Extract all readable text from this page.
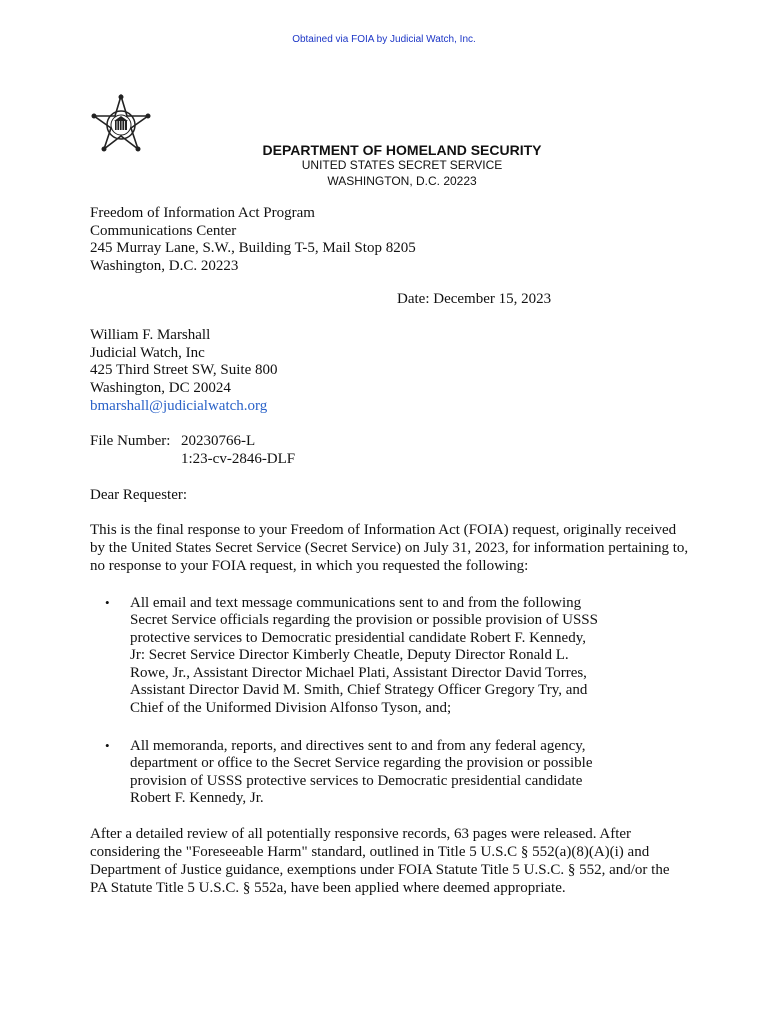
Obtained via FOIA by Judicial Watch, Inc.
DEPARTMENT OF HOMELAND SECURITY
UNITED STATES SECRET SERVICE
WASHINGTON, D.C. 20223
Freedom of Information Act Program
Communications Center
245 Murray Lane, S.W., Building T-5, Mail Stop 8205
Washington, D.C. 20223
Date: December 15, 2023
William F. Marshall
Judicial Watch, Inc
425 Third Street SW, Suite 800
Washington, DC 20024
bmarshall@judicialwatch.org
File Number: 20230766-L
1:23-cv-2846-DLF
Dear Requester:
This is the final response to your Freedom of Information Act (FOIA) request, originally received
by the United States Secret Service (Secret Service) on July 31, 2023, for information pertaining to,
no response to your FOIA request, in which you requested the following:
• All email and text message communications sent to and from the following
Secret Service officials regarding the provision or possible provision of USSS
protective services to Democratic presidential candidate Robert F. Kennedy,
Jr: Secret Service Director Kimberly Cheatle, Deputy Director Ronald L.
Rowe, Jr., Assistant Director Michael Plati, Assistant Director David Torres,
Assistant Director David M. Smith, Chief Strategy Officer Gregory Try, and
Chief of the Uniformed Division Alfonso Tyson, and;
• All memoranda, reports, and directives sent to and from any federal agency,
department or office to the Secret Service regarding the provision or possible
provision of USSS protective services to Democratic presidential candidate
Robert F. Kennedy, Jr.
After a detailed review of all potentially responsive records, 63 pages were released. After
considering the "Foreseeable Harm" standard, outlined in Title 5 U.S.C § 552(a)(8)(A)(i) and
Department of Justice guidance, exemptions under FOIA Statute Title 5 U.S.C. § 552, and/or the
PA Statute Title 5 U.S.C. § 552a, have been applied where deemed appropriate.
